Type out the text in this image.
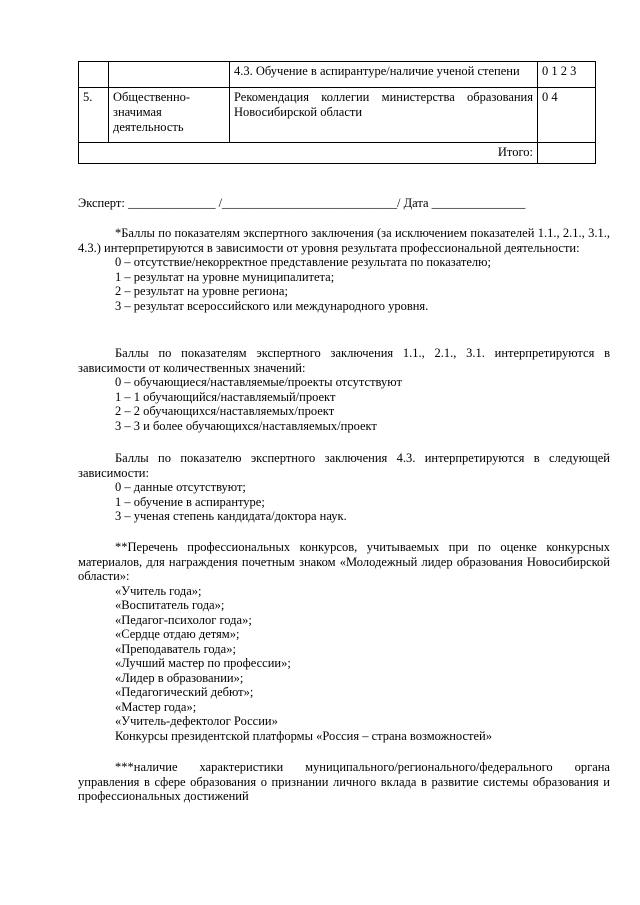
		4.3. Обучение в аспирантуре/наличие ученой степени	0 1 2 3
5.	Общественно-значимая деятельность	Рекомендация коллегии министерства образования Новосибирской области	0 4
Итого:			

Эксперт: ______________ /____________________________/ Дата _______________

*Баллы по показателям экспертного заключения (за исключением показателей 1.1., 2.1., 3.1., 4.3.) интерпретируются в зависимости от уровня результата профессиональной деятельности:

0 – отсутствие/некорректное представление результата по показателю;

1 – результат на уровне муниципалитета;

2 – результат на уровне региона;

3 – результат всероссийского или международного уровня.

Баллы по показателям экспертного заключения 1.1., 2.1., 3.1. интерпретируются в зависимости от количественных значений:

0 – обучающиеся/наставляемые/проекты отсутствуют

1 – 1 обучающийся/наставляемый/проект

2 – 2 обучающихся/наставляемых/проект

3 – 3 и более обучающихся/наставляемых/проект

Баллы по показателю экспертного заключения 4.3. интерпретируются в следующей зависимости:

0 – данные отсутствуют;

1 – обучение в аспирантуре;

3 – ученая степень кандидата/доктора наук.

**Перечень профессиональных конкурсов, учитываемых при по оценке конкурсных материалов, для награждения почетным знаком «Молодежный лидер образования Новосибирской области»:

«Учитель года»;

«Воспитатель года»;

«Педагог-психолог года»;

«Сердце отдаю детям»;

«Преподаватель года»;

«Лучший мастер по профессии»;

«Лидер в образовании»;

«Педагогический дебют»;

«Мастер года»;

«Учитель-дефектолог России»

Конкурсы президентской платформы «Россия – страна возможностей»

***наличие характеристики муниципального/регионального/федерального органа управления в сфере образования о признании личного вклада в развитие системы образования и профессиональных достижений
